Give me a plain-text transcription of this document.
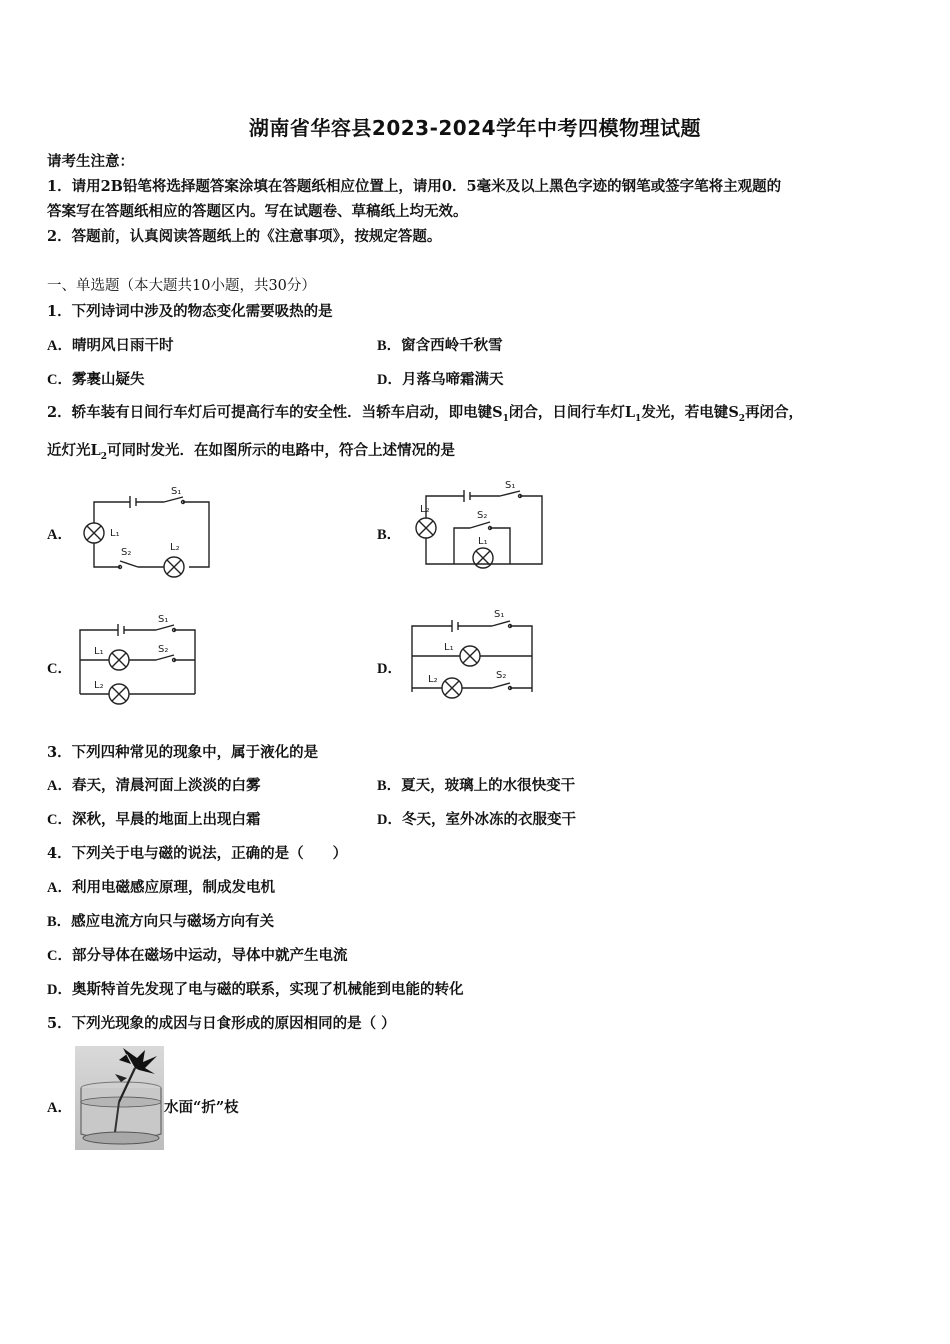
湖南省华容县2023-2024学年中考四模物理试题
请考生注意：
1．请用2B铅笔将选择题答案涂填在答题纸相应位置上，请用0．5毫米及以上黑色字迹的钢笔或签字笔将主观题的
答案写在答题纸相应的答题区内。写在试题卷、草稿纸上均无效。
2．答题前，认真阅读答题纸上的《注意事项》，按规定答题。
一、单选题（本大题共10小题，共30分）
1．下列诗词中涉及的物态变化需要吸热的是
A．晴明风日雨干时	B．窗含西岭千秋雪
C．雾裹山疑失	D．月落乌啼霜满天
2．轿车装有日间行车灯后可提高行车的安全性．当轿车启动，即电键$S_1$闭合，日间行车灯$L_1$发光，若电键$S_2$再闭合，
近灯光$L_2$可同时发光．在如图所示的电路中，符合上述情况的是
A．	B．
C．	D．
S₁
L₁
S₂	L₂
S₁
L₂
S₂
L₁
S₁
L₁	S₂
L₂
S₁
L₁
L₂	S₂
3．下列四种常见的现象中，属于液化的是
A．春天，清晨河面上淡淡的白雾	B．夏天，玻璃上的水很快变干
C．深秋，早晨的地面上出现白霜	D．冬天，室外冰冻的衣服变干
4．下列关于电与磁的说法，正确的是（　　）
A．利用电磁感应原理，制成发电机
B．感应电流方向只与磁场方向有关
C．部分导体在磁场中运动，导体中就产生电流
D．奥斯特首先发现了电与磁的联系，实现了机械能到电能的转化
5．下列光现象的成因与日食形成的原因相同的是（ ）
A．	水面“折”枝
